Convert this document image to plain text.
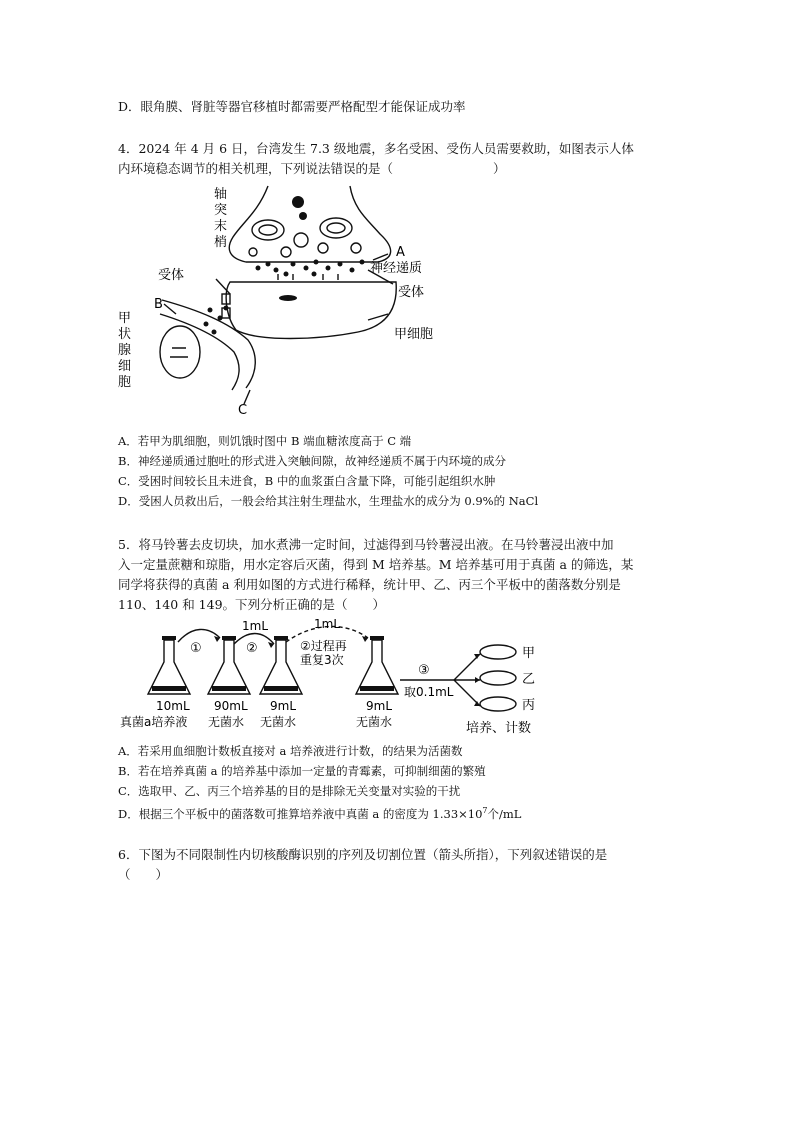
D．眼角膜、肾脏等器官移植时都需要严格配型才能保证成功率
4．2024 年 4 月 6 日，台湾发生 7.3 级地震，多名受困、受伤人员需要救助，如图表示人体
内环境稳态调节的相关机理，下列说法错误的是（　　　　　　　　）
轴
突
末
梢
受体
B
甲
状
腺
细
胞
C
A
神经递质
受体
甲细胞
A．若甲为肌细胞，则饥饿时图中 B 端血糖浓度高于 C 端
B．神经递质通过胞吐的形式进入突触间隙，故神经递质不属于内环境的成分
C．受困时间较长且未进食，B 中的血浆蛋白含量下降，可能引起组织水肿
D．受困人员救出后，一般会给其注射生理盐水，生理盐水的成分为 0.9%的 NaCl
5．将马铃薯去皮切块，加水煮沸一定时间，过滤得到马铃薯浸出液。在马铃薯浸出液中加
入一定量蔗糖和琼脂，用水定容后灭菌，得到 M 培养基。M 培养基可用于真菌 a 的筛选，某
同学将获得的真菌 a 利用如图的方式进行稀释，统计甲、乙、丙三个平板中的菌落数分别是
110、140 和 149。下列分析正确的是（　　）
①	②	②过程再
重复3次
1mL	1mL
③
取0.1mL
10mL
真菌a培养液
90mL
无菌水
9mL
无菌水
9mL
无菌水
甲
乙
丙
培养、计数
A．若采用血细胞计数板直接对 a 培养液进行计数，的结果为活菌数
B．若在培养真菌 a 的培养基中添加一定量的青霉素，可抑制细菌的繁殖
C．选取甲、乙、丙三个培养基的目的是排除无关变量对实验的干扰
D．根据三个平板中的菌落数可推算培养液中真菌 a 的密度为 $1.33\times 10^7$个/mL
6．下图为不同限制性内切核酸酶识别的序列及切割位置（箭头所指），下列叙述错误的是
（　　）
